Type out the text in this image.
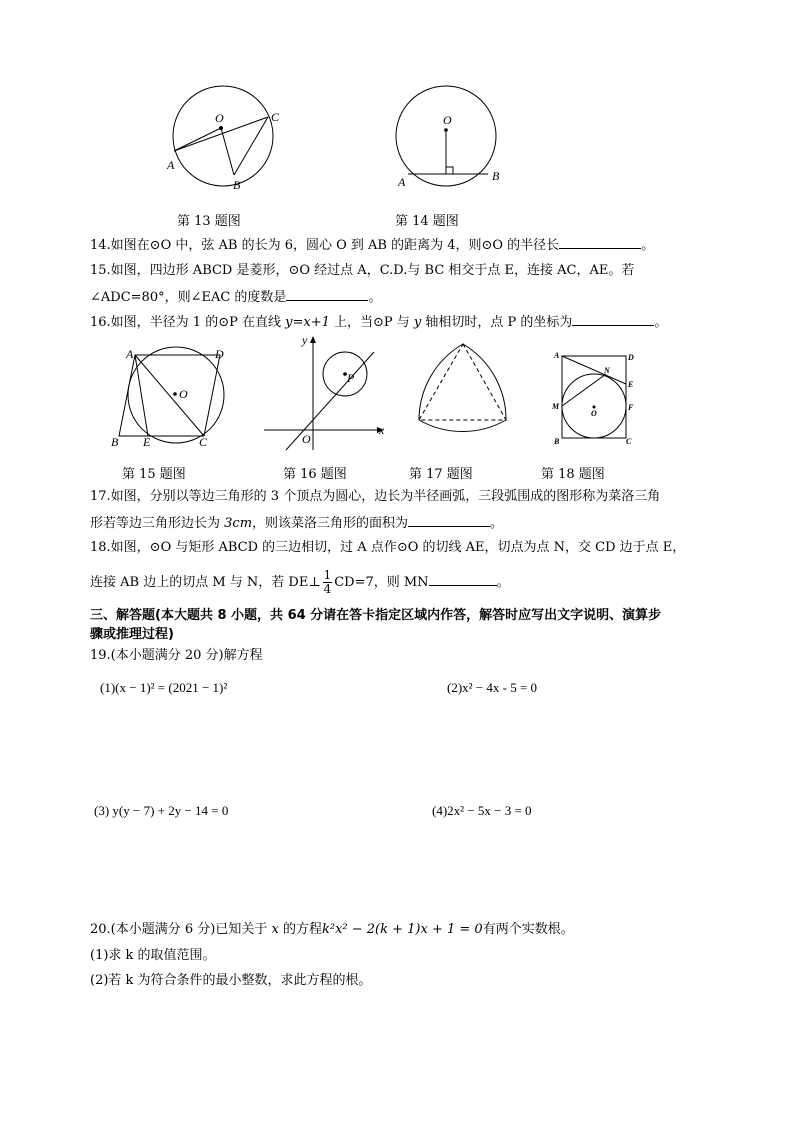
O
A
B
C
第 13 题图
O
A	B
第 14 题图
14.如图在⊙O 中，弦 AB 的长为 6，圆心 O 到 AB 的距离为 4，则⊙O 的半径长	。
15.如图，四边形 ABCD 是菱形，⊙O 经过点 A，C.D.与 BC 相交于点 E，连接 AC，AE。若
∠ADC=80°，则∠EAC 的度数是	。
16.如图，半径为 1 的⊙P 在直线 y=x+1 上，当⊙P 与 y 轴相切时，点 P 的坐标为	。
A	D
O
B E	C
第 15 题图
y
x
O
P
第 16 题图	第 17 题图
A	D
N
E
M	F
O
B	C
第 18 题图
17.如图，分别以等边三角形的 3 个顶点为圆心，边长为半径画弧，三段弧围成的图形称为菜洛三角
形若等边三角形边长为 3cm，则该菜洛三角形的面积为	。
18.如图，⊙O 与矩形 ABCD 的三边相切，过 A 点作⊙O 的切线 AE，切点为点 N，交 CD 边于点 E，
连接 AB 边上的切点 M 与 N，若 DE⊥ $\frac{1}{4} CD=7$，则 MN	。
三、解答题(本大题共 8 小题，共 64 分请在答卡指定区域内作答，解答时应写出文字说明、演算步
骤或推理过程)
19.(本小题满分 20 分)解方程
(1)(x − 1)² = (2021 − 1)²	(2)x² − 4x - 5 = 0
(3) y(y − 7) + 2y − 14 = 0	(4)2x² − 5x − 3 = 0
20.(本小题满分 6 分)已知关于 x 的方程k²x² − 2(k + 1)x + 1 = 0有两个实数根。
(1)求 k 的取值范围。
(2)若 k 为符合条件的最小整数，求此方程的根。
